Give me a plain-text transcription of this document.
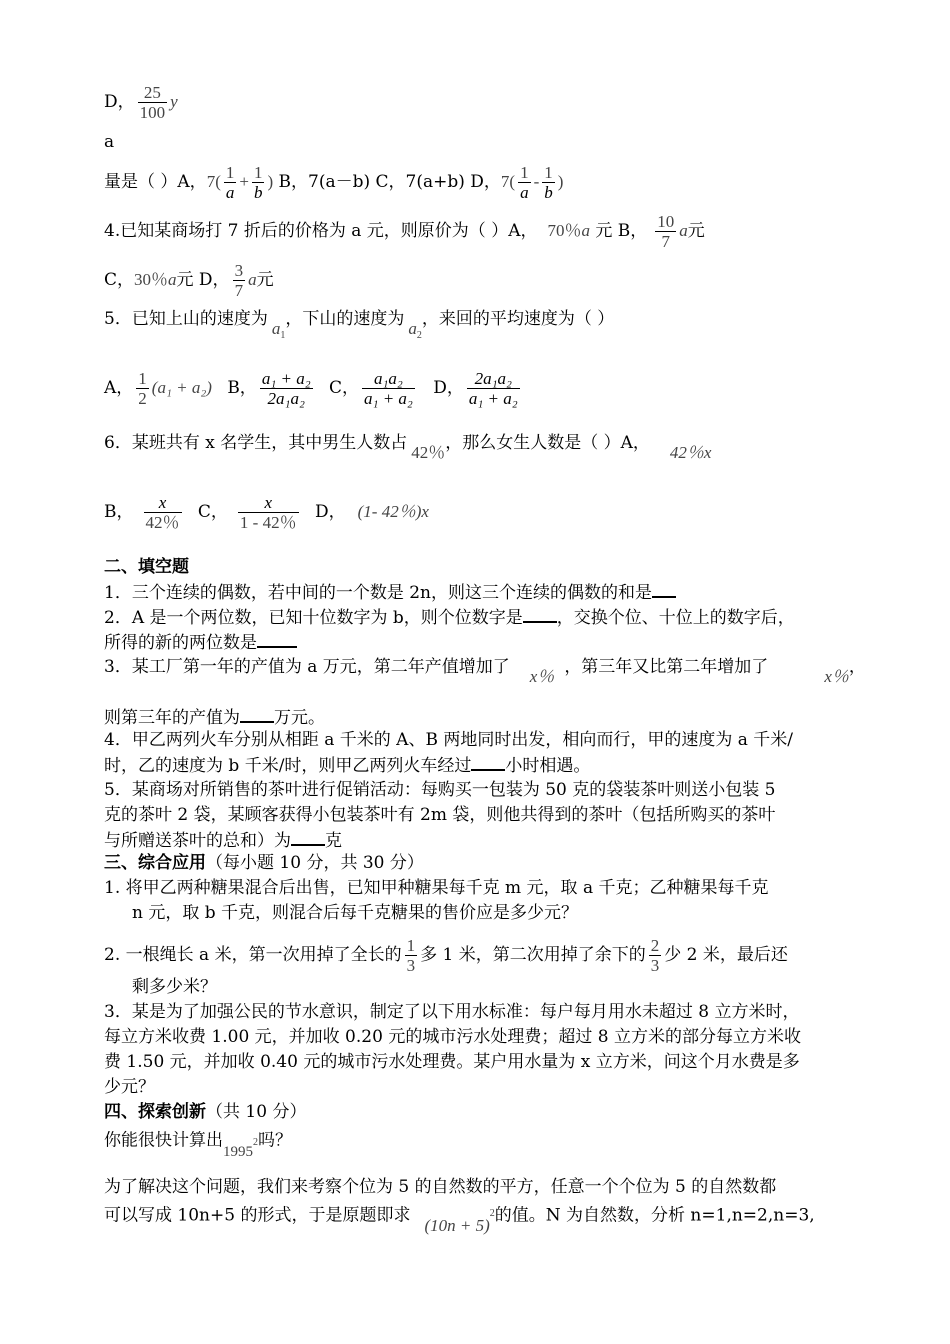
D， $\frac{25}{100}$ y
a
量是（ ）A，$7( \frac{1}{a} + \frac{1}{b}$ ) B，7(a－b) C，7(a+b) D，$7( \frac{1}{a} - \frac{1}{b}$ )
4.已知某商场打 7 折后的价格为 a 元，则原价为（ ）A， 70％a 元 B， $\frac{10}{7}$ a元
C，30％a元 D， $\frac{3}{7}$ a元
5．已知上山的速度为 $a_1$，下山的速度为 $a_2$，来回的平均速度为（ ）
A， $\frac{1}{2} (a_1 + a_2)$ B， $\frac{\text{a₁ + a₂}}{\text{2a₁a₂}}$ C， $\frac{\text{a₁a₂}}{\text{a₁ + a₂}}$ D， $\frac{\text{2a₁a₂}}{\text{a₁ + a₂}}$
6．某班共有 x 名学生，其中男生人数占 42％，那么女生人数是（ ）A， 42％x
B， $\frac{x}{42\%}$ C， $\frac{x}{1 - 42\%}$ D， (1- 42％)x
二、填空题
1．三个连续的偶数，若中间的一个数是 2n，则这三个连续的偶数的和是
2．A 是一个两位数，已知十位数字为 b，则个位数字是 ，交换个位、十位上的数字后，
所得的新的两位数是
3．某工厂第一年的产值为 a 万元，第二年产值增加了 x％ ，第三年又比第二年增加了	x％，
则第三年的产值为 万元。
4．甲乙两列火车分别从相距 a 千米的 A、B 两地同时出发，相向而行，甲的速度为 a 千米/
时，乙的速度为 b 千米/时，则甲乙两列火车经过 小时相遇。
5．某商场对所销售的茶叶进行促销活动：每购买一包装为 50 克的袋装茶叶则送小包装 5
克的茶叶 2 袋，某顾客获得小包装茶叶有 2m 袋，则他共得到的茶叶（包括所购买的茶叶
与所赠送茶叶的总和）为 克
三、综合应用（每小题 10 分，共 30 分）
1. 将甲乙两种糖果混合后出售，已知甲种糖果每千克 m 元，取 a 千克；乙种糖果每千克
n 元，取 b 千克，则混合后每千克糖果的售价应是多少元？
2. 一根绳长 a 米，第一次用掉了全长的 $\frac{1}{3}$ 多 1 米，第二次用掉了余下的 $\frac{2}{3}$ 少 2 米，最后还
剩多少米？
3．某是为了加强公民的节水意识，制定了以下用水标准：每户每月用水未超过 8 立方米时，
每立方米收费 1.00 元，并加收 0.20 元的城市污水处理费；超过 8 立方米的部分每立方米收
费 1.50 元，并加收 0.40 元的城市污水处理费。某户用水量为 x 立方米，问这个月水费是多
少元？
四、探索创新（共 10 分）
你能很快计算出1995$^2$吗？
为了解决这个问题，我们来考察个位为 5 的自然数的平方，任意一个个位为 5 的自然数都
可以写成 10n+5 的形式，于是原题即求 $(10n + 5)^2$的值。N 为自然数，分析 n=1,n=2,n=3,
